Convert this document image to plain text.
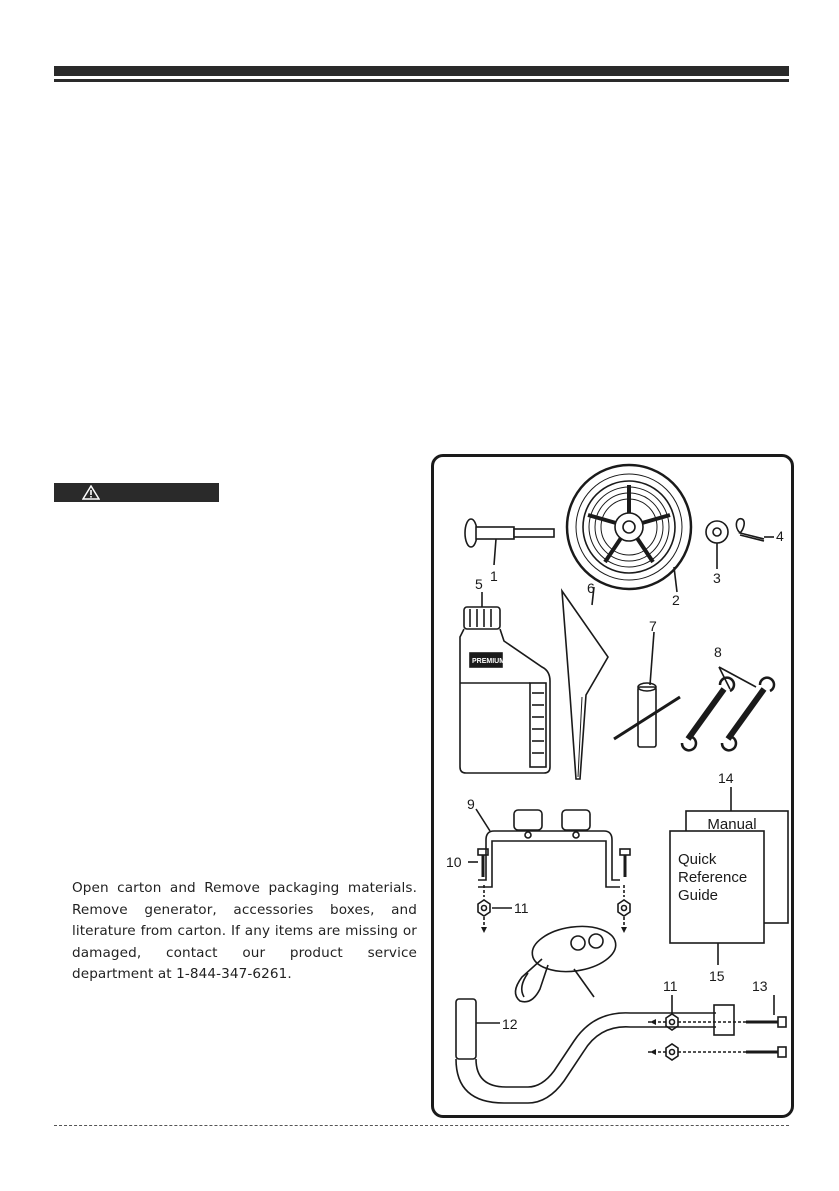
Open carton and Remove packaging materials. Remove generator, accessories boxes, and literature from carton. If any items are missing or damaged, contact our product service department at 1-844-347-6261.
Manual
Quick
Reference
Guide
PREMIUM
1
2
3
4
5	6
7
8
9
10
11
11
12
13
14
15
